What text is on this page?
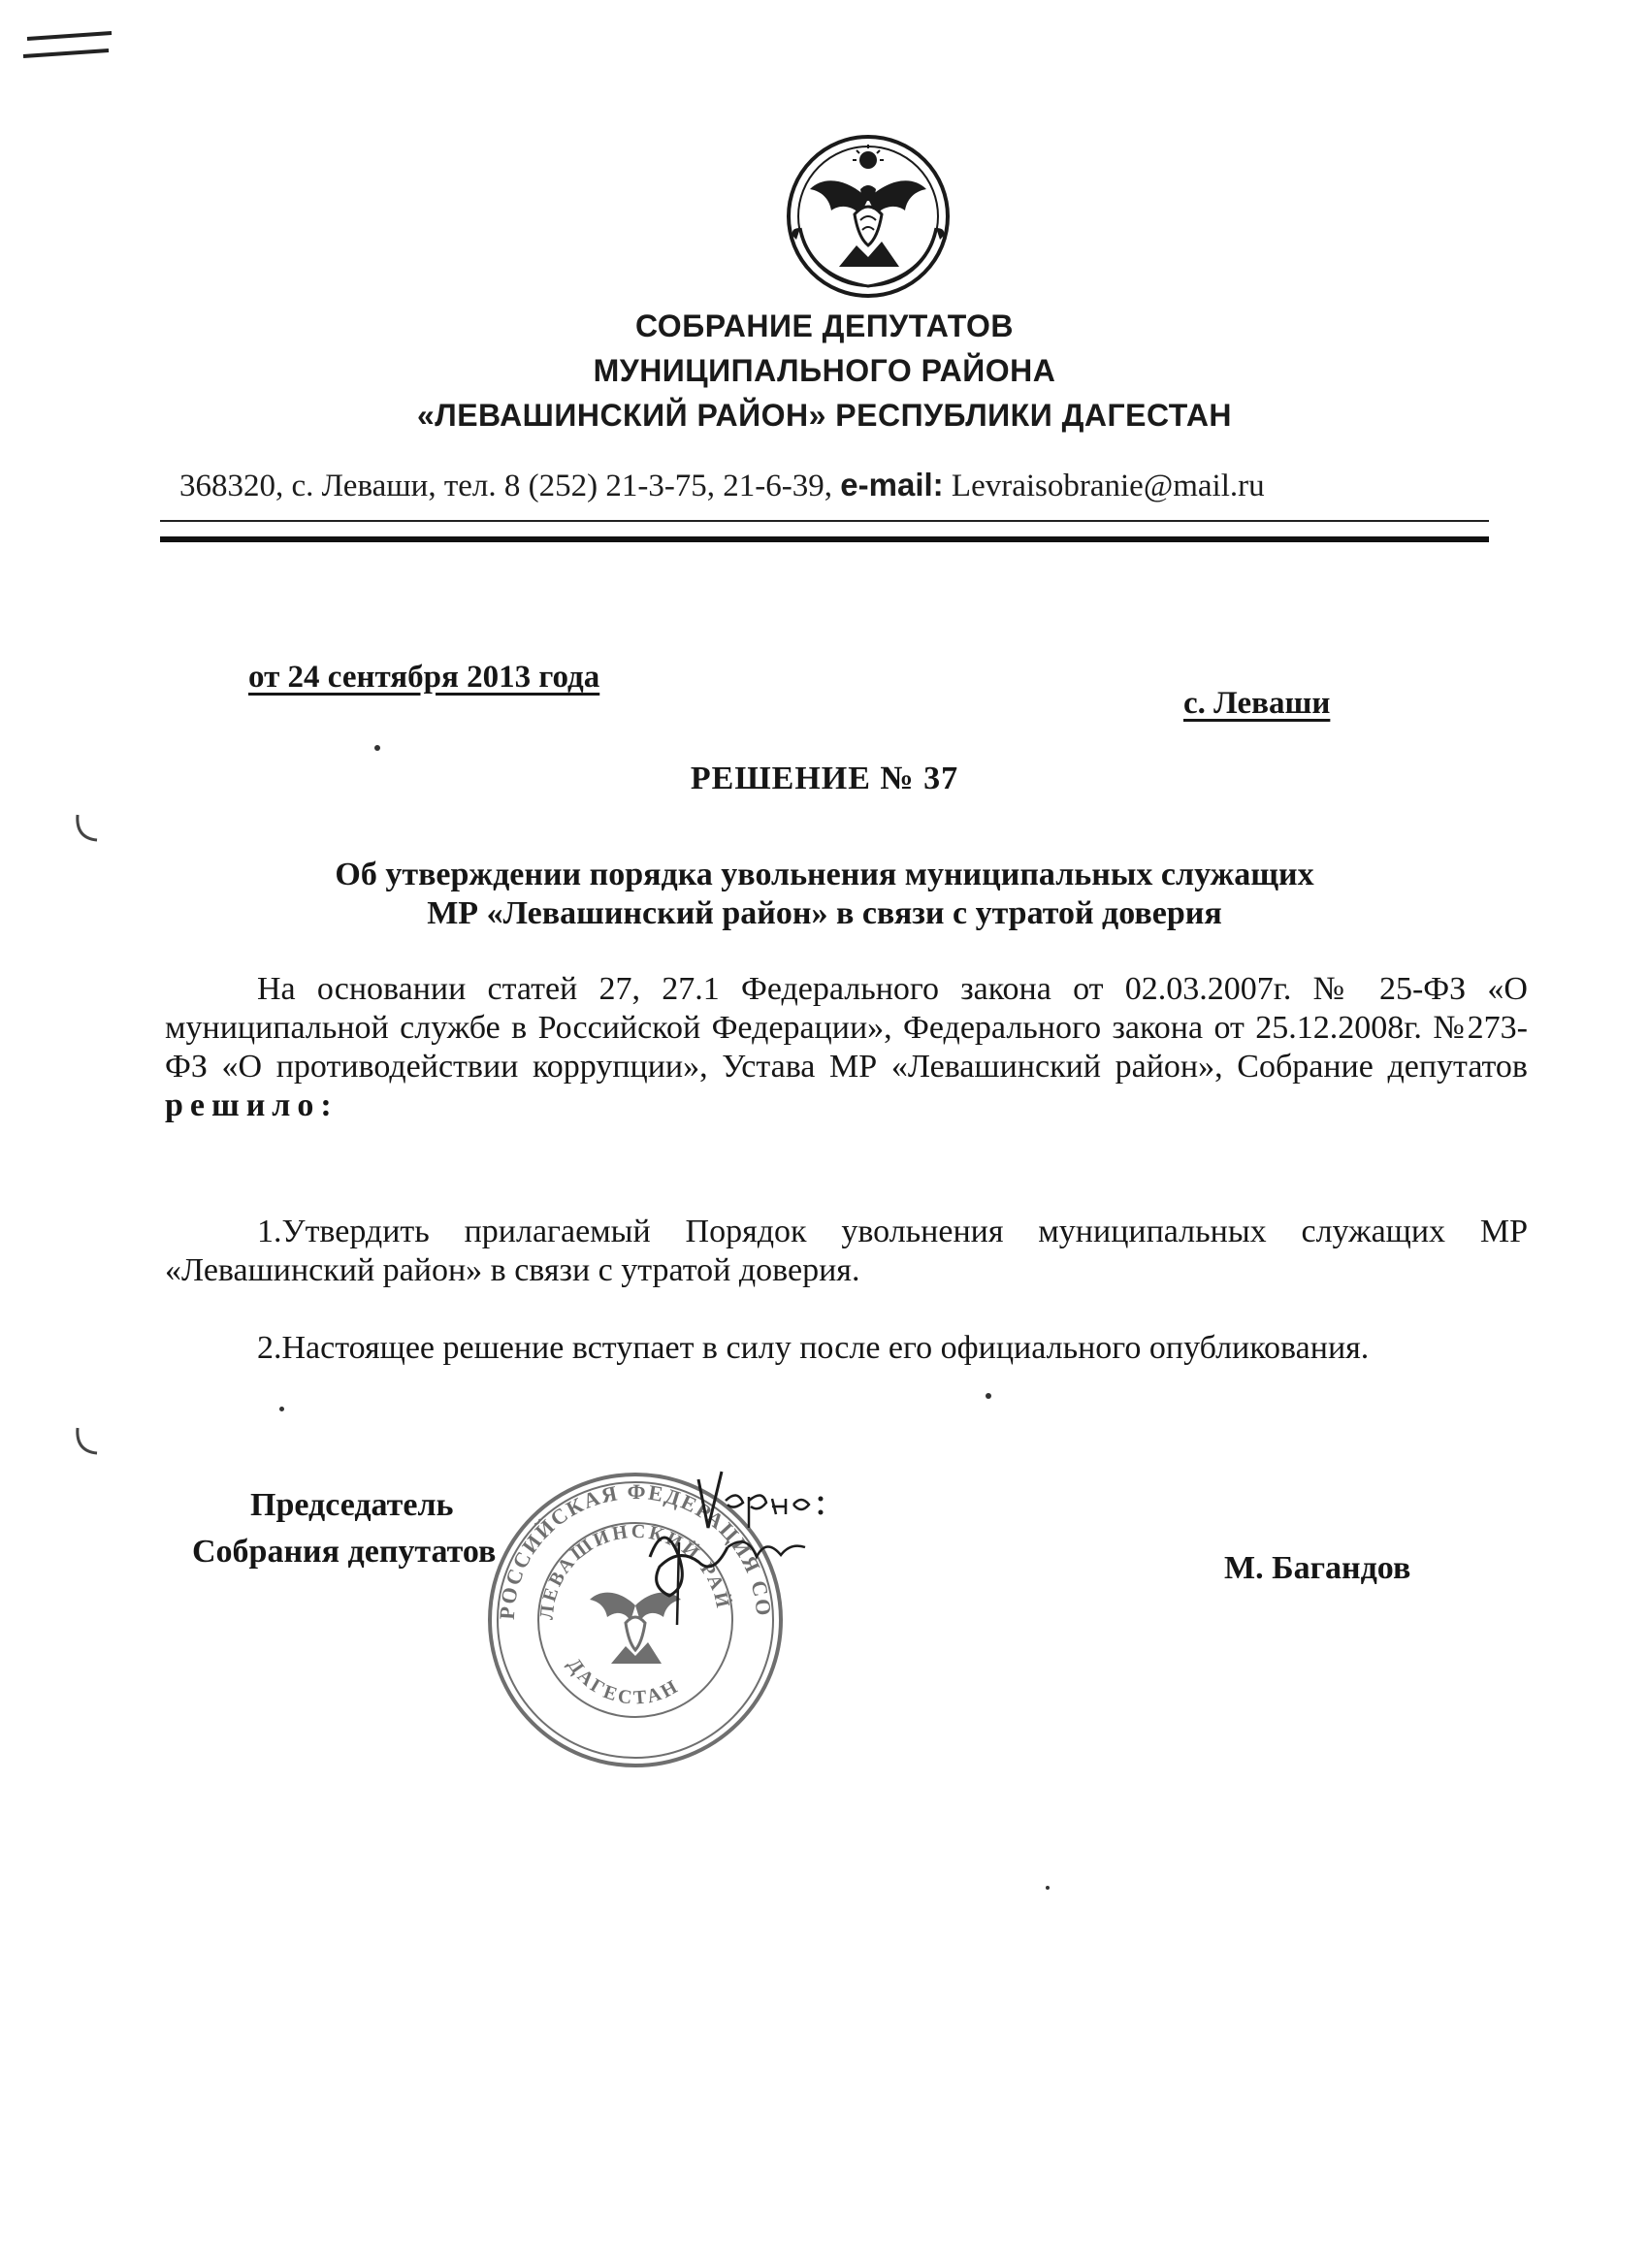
СОБРАНИЕ ДЕПУТАТОВ
МУНИЦИПАЛЬНОГО РАЙОНА
«ЛЕВАШИНСКИЙ РАЙОН» РЕСПУБЛИКИ ДАГЕСТАН
368320, с. Леваши, тел. 8 (252) 21-3-75, 21-6-39, e-mail: Levraisobranie@mail.ru
от 24 сентября 2013 года
с. Леваши
РЕШЕНИЕ № 37
Об утверждении порядка увольнения муниципальных служащих
МР «Левашинский район» в связи с утратой доверия
На основании статей 27, 27.1 Федерального закона от 02.03.2007г. № 25-ФЗ «О муниципальной службе в Российской Федерации», Федерального закона от 25.12.2008г. №273-ФЗ «О противодействии коррупции», Устава МР «Левашинский район», Собрание депутатов решило:
1.Утвердить прилагаемый Порядок увольнения муниципальных служащих МР «Левашинский район» в связи с утратой доверия.
2.Настоящее решение вступает в силу после его официального опубликования.
РОССИЙСКАЯ ФЕДЕРАЦИЯ СО
ЛЕВАШИНСКИЙ РАЙ
ДАГЕСТАН
Председатель
Собрания депутатов	М. Багандов
